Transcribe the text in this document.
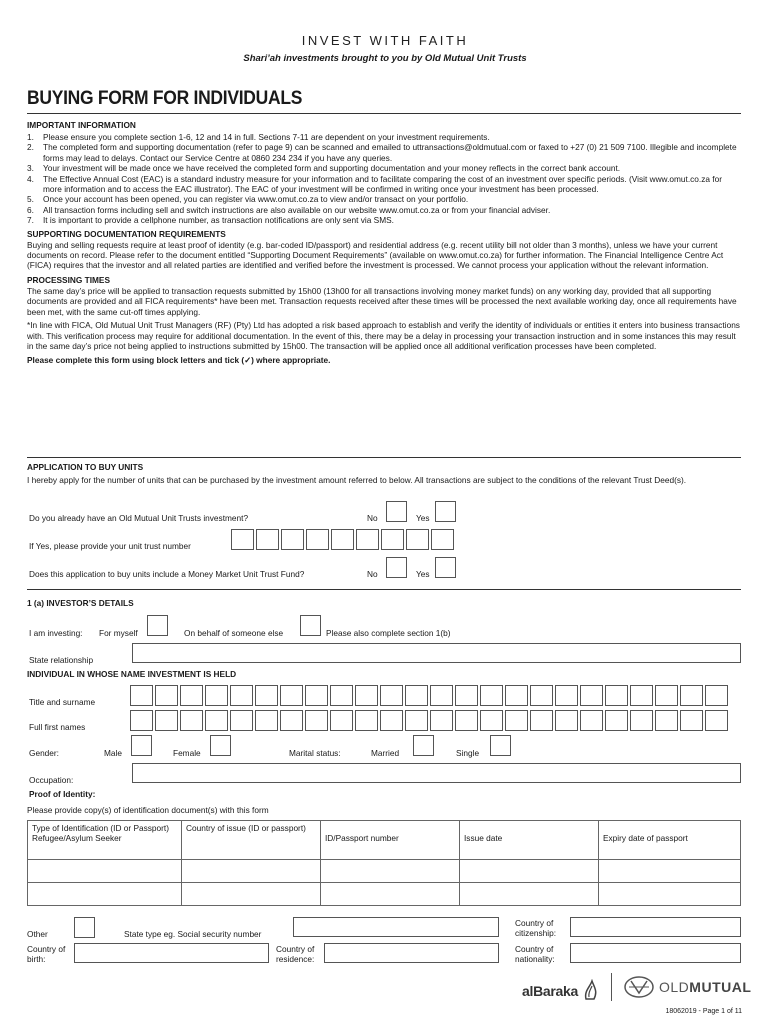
INVEST WITH FAITH
Shari’ah investments brought to you by Old Mutual Unit Trusts
BUYING FORM FOR INDIVIDUALS
IMPORTANT INFORMATION
1. Please ensure you complete section 1-6, 12 and 14 in full. Sections 7-11 are dependent on your investment requirements.
2. The completed form and supporting documentation (refer to page 9) can be scanned and emailed to uttransactions@oldmutual.com or faxed to +27 (0) 21 509 7100. Illegible and incomplete forms may lead to delays. Contact our Service Centre at 0860 234 234 if you have any queries.
3. Your investment will be made once we have received the completed form and supporting documentation and your money reflects in the correct bank account.
4. The Effective Annual Cost (EAC) is a standard industry measure for your information and to facilitate comparing the cost of an investment over specific periods. (Visit www.omut.co.za for more information and to access the EAC illustrator). The EAC of your investment will be confirmed in writing once your investment has been processed.
5. Once your account has been opened, you can register via www.omut.co.za to view and/or transact on your portfolio.
6. All transaction forms including sell and switch instructions are also available on our website www.omut.co.za or from your financial adviser.
7. It is important to provide a cellphone number, as transaction notifications are only sent via SMS.
SUPPORTING DOCUMENTATION REQUIREMENTS
Buying and selling requests require at least proof of identity (e.g. bar-coded ID/passport) and residential address (e.g. recent utility bill not older than 3 months), unless we have your current documents on record. Please refer to the document entitled “Supporting Document Requirements” (available on www.omut.co.za) for further information. The Financial Intelligence Centre Act (FICA) requires that the investor and all related parties are identified and verified before the investment is processed. We cannot process your application without the relevant information.
PROCESSING TIMES
The same day’s price will be applied to transaction requests submitted by 15h00 (13h00 for all transactions involving money market funds) on any working day, provided that all supporting documents are provided and all FICA requirements* have been met. Transaction requests received after these times will be processed the next available working day, once all requirements have been met, with the same cut-off times applying.
*In line with FICA, Old Mutual Unit Trust Managers (RF) (Pty) Ltd has adopted a risk based approach to establish and verify the identity of individuals or entities it enters into business transactions with. This verification process may require for additional documentation. In the event of this, there may be a delay in processing your transaction instruction and in some instances this may result in the same day’s price not being applied to instructions submitted by 15h00. The transaction will be applied once all additional verification processes have been completed.
Please complete this form using block letters and tick (✓) where appropriate.
APPLICATION TO BUY UNITS
I hereby apply for the number of units that can be purchased by the investment amount referred to below. All transactions are subject to the conditions of the relevant Trust Deed(s).
Do you already have an Old Mutual Unit Trusts investment?	No	Yes
If Yes, please provide your unit trust number
Does this application to buy units include a Money Market Unit Trust Fund?	No	Yes
1 (a) INVESTOR’S DETAILS
I am investing: For myself	On behalf of someone else	Please also complete section 1(b)
State relationship
INDIVIDUAL IN WHOSE NAME INVESTMENT IS HELD
Title and surname
Full first names
Gender:	Male	Female	Marital status:	Married	Single
Occupation:
Proof of Identity:
Please provide copy(s) of identification document(s) with this form
Type of Identification (ID or Passport) Refugee/Asylum Seeker	Country of issue (ID or passport)	ID/Passport number	Issue date	Expiry date of passport

Other	State type eg. Social security number
Country of citizenship:
Country of birth:
Country of residence:
Country of nationality:
alBaraka	OLDMUTUAL
18062019 - Page 1 of 11
